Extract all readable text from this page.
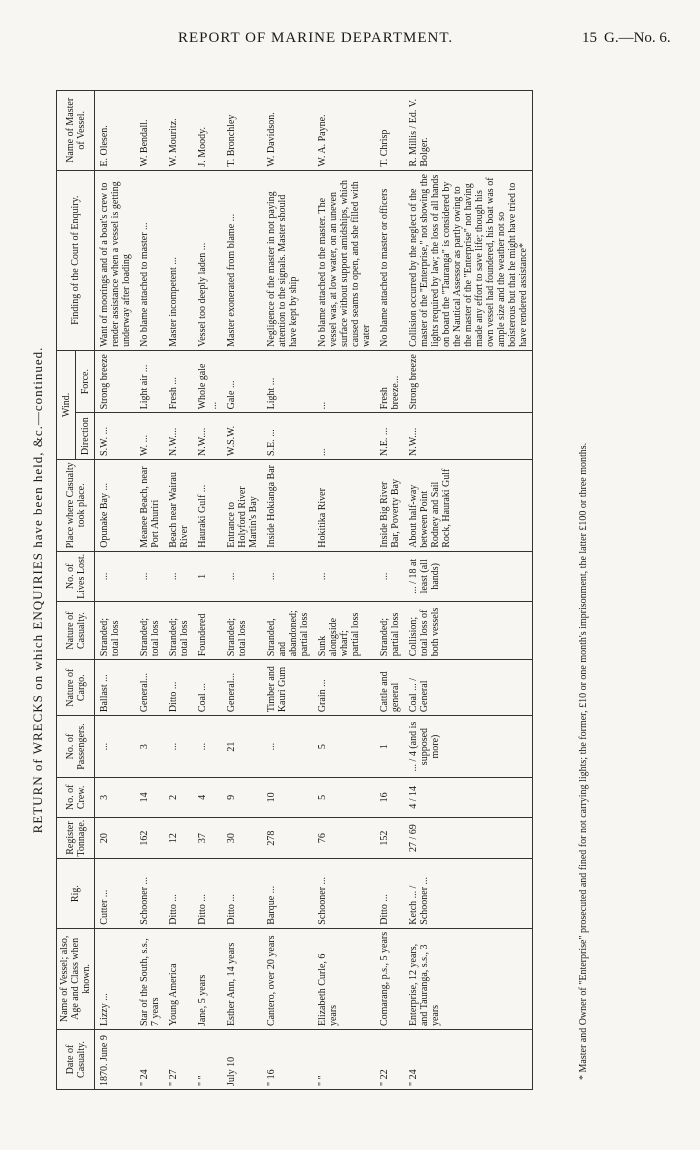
REPORT OF MARINE DEPARTMENT.	15 G.—No. 6.
RETURN of WRECKS on which ENQUIRIES have been held, &c.—continued.
Date of Casualty.	Name of Vessel; also, Age and Class when known.	Rig.	Register Tonnage.	No. of Crew.	No. of Passengers.	Nature of Cargo.	Nature of Casualty.	No. of Lives Lost.	Place where Casualty took place.	Wind.		Finding of the Court of Enquiry.	Name of Master of Vessel.
										Direction	Force.		
1870. June 9	Lizzy ...	Cutter ...	20	3	...	Ballast ...	Stranded; total loss	...	Opunake Bay ...	S.W. ...	Strong breeze	Want of moorings and of a boat's crew to render assistance when a vessel is getting underway after loading	E. Olesen.
" 24	Star of the South, s.s., 7 years	Schooner ...	162	14	3	General...	Stranded; total loss	...	Meanee Beach, near Port Ahuriri	W. ...	Light air ...	No blame attached to master ...	W. Bendall.
" 27	Young America	Ditto ...	12	2	...	Ditto ...	Stranded; total loss	...	Beach near Wairau River	N.W....	Fresh ...	Master incompetent ...	W. Mouritz.
" "	Jane, 5 years	Ditto ...	37	4	...	Coal ...	Foundered	1	Hauraki Gulf ...	N.W....	Whole gale ...	Vessel too deeply laden ...	J. Moody.
July 10	Esther Ann, 14 years	Ditto ...	30	9	21	General...	Stranded; total loss	...	Entrance to Holyford River Martin's Bay	W.S.W.	Gale ...	Master exonerated from blame ...	T. Bronchley
" 16	Cantero, over 20 years	Barque ...	278	10	...	Timber and Kauri Gum	Stranded, and abandoned; partial loss	...	Inside Hokianga Bar	S.E. ...	Light ...	Negligence of the master in not paying attention to the signals. Master should have kept by ship	W. Davidson.
" "	Elizabeth Curle, 6 years	Schooner ...	76	5	5	Grain ...	Sunk alongside wharf; partial loss	...	Hokitika River	...	...	No blame attached to the master. The vessel was, at low water, on an uneven surface without support amidships, which caused seams to open, and she filled with water	W. A. Payne.
" 22	Comarang, p.s., 5 years	Ditto ...	152	16	1	Cattle and general	Stranded; partial loss	...	Inside Big River Bar, Poverty Bay	N.E. ...	Fresh breeze...	No blame attached to master or officers	T. Chrisp
" 24	Enterprise, 12 years, and Tauranga, s.s., 3 years	Ketch ... / Schooner ...	27 / 69	4 / 14	... / 4 (and is supposed more)	Coal ... / General	Collision; total loss of both vessels	... / 18 at least (all hands)	About half-way between Point Rodney and Sail Rock, Hauraki Gulf	N.W....	Strong breeze	Collision occurred by the neglect of the master of the "Enterprise," not showing the lights required by law; the loss of all hands on board the "Tauranga" is considered by the Nautical Assessor as partly owing to the master of the "Enterprise" not having made any effort to save life; though his own vessel had foundered, his boat was of ample size and the weather not so boisterous but that he might have tried to have rendered assistance*	R. Millis / Ed. V. Bolger.
* Master and Owner of "Enterprise" prosecuted and fined for not carrying lights; the former, £10 or one month's imprisonment, the latter £100 or three months.
